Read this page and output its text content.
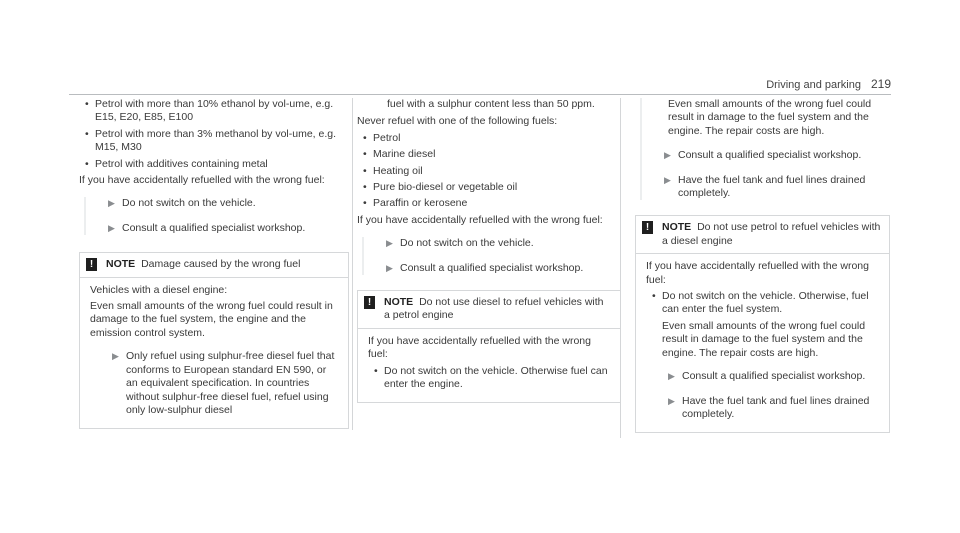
Driving and parking 219
• Petrol with more than 10% ethanol by vol-ume, e.g. E15, E20, E85, E100
• Petrol with more than 3% methanol by vol-ume, e.g. M15, M30
• Petrol with additives containing metal
If you have accidentally refuelled with the wrong fuel:
▶ Do not switch on the vehicle.
▶ Consult a qualified specialist workshop.
!	NOTE Damage caused by the wrong fuel
Vehicles with a diesel engine:
Even small amounts of the wrong fuel could result in damage to the fuel system, the engine and the emission control system.
▶ Only refuel using sulphur-free diesel fuel that conforms to European standard EN 590, or an equivalent specification. In countries without sulphur-free diesel fuel, refuel using only low-sulphur diesel
fuel with a sulphur content less than 50 ppm.
Never refuel with one of the following fuels:
• Petrol
• Marine diesel
• Heating oil
• Pure bio-diesel or vegetable oil
• Paraffin or kerosene
If you have accidentally refuelled with the wrong fuel:
▶ Do not switch on the vehicle.
▶ Consult a qualified specialist workshop.
!	NOTE Do not use diesel to refuel vehicles with a petrol engine
If you have accidentally refuelled with the wrong fuel:
• Do not switch on the vehicle. Otherwise fuel can enter the engine.
Even small amounts of the wrong fuel could result in damage to the fuel system and the engine. The repair costs are high.
▶ Consult a qualified specialist workshop.
▶ Have the fuel tank and fuel lines drained completely.
!	NOTE Do not use petrol to refuel vehicles with a diesel engine
If you have accidentally refuelled with the wrong fuel:
• Do not switch on the vehicle. Otherwise, fuel can enter the fuel system.
Even small amounts of the wrong fuel could result in damage to the fuel system and the engine. The repair costs are high.
▶ Consult a qualified specialist workshop.
▶ Have the fuel tank and fuel lines drained completely.
